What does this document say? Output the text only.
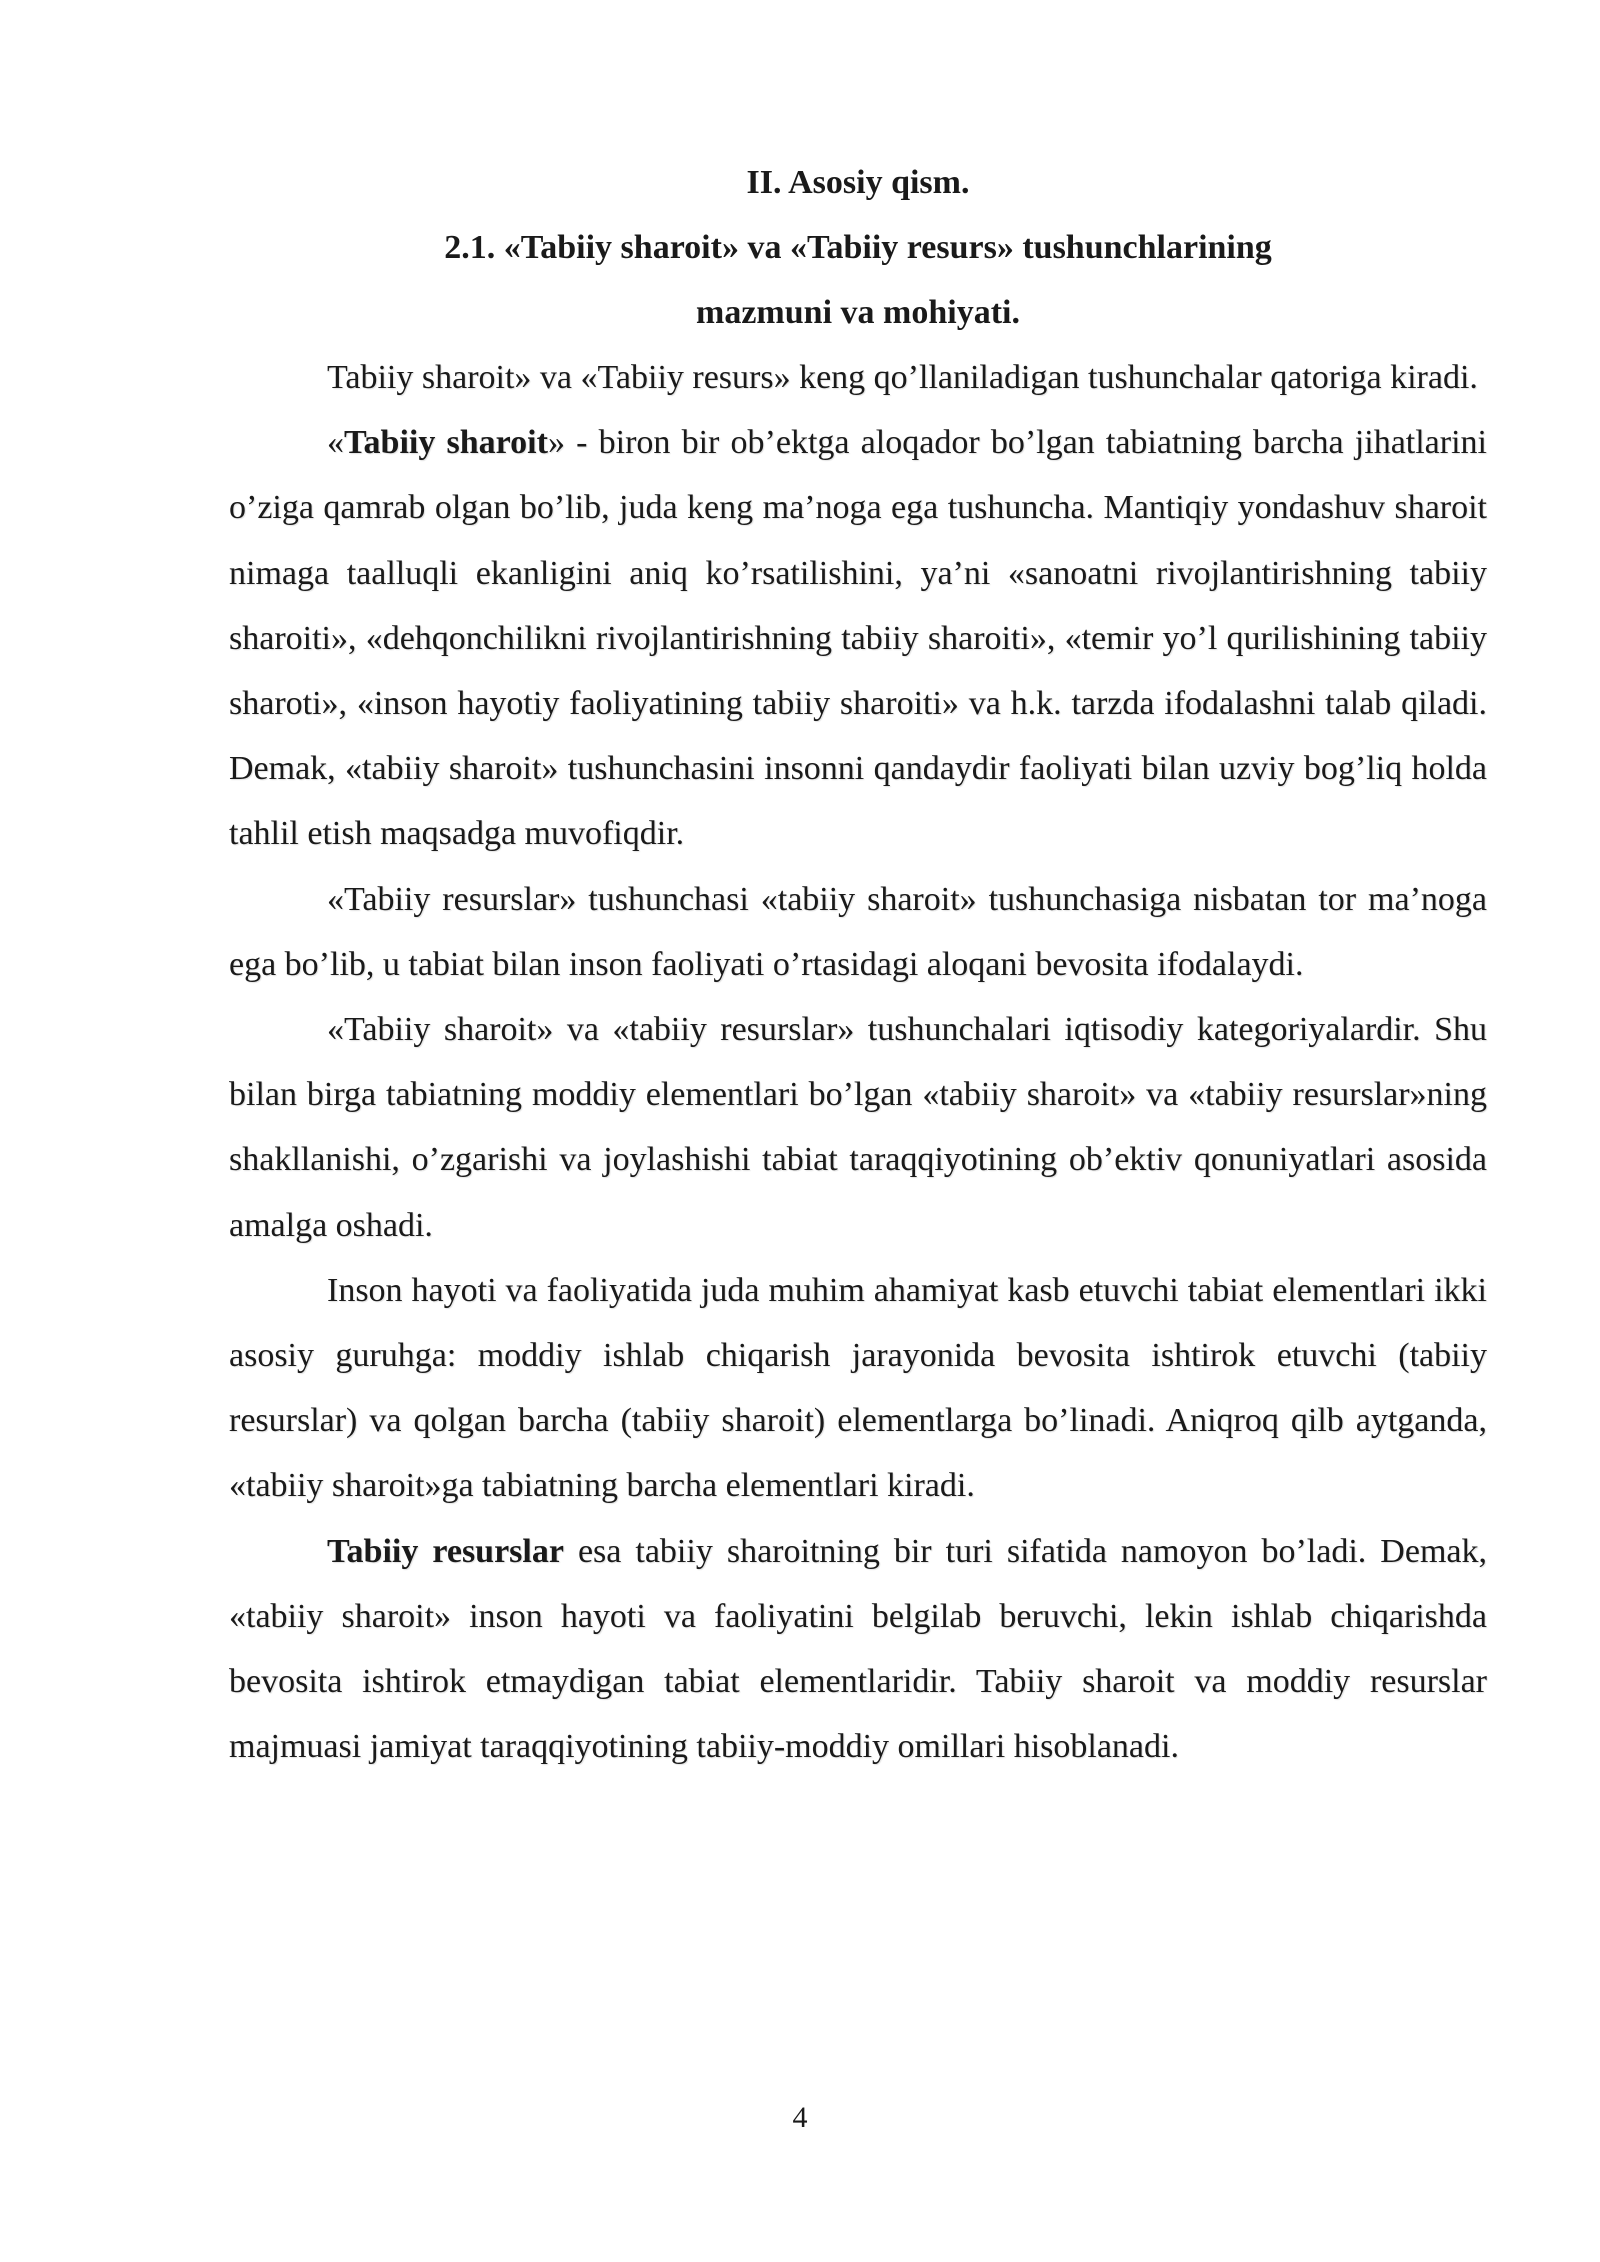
II. Asosiy qism.

2.1. «Tabiiy sharoit» va «Tabiiy resurs» tushunchlarining

mazmuni va mohiyati.

Tabiiy sharoit» va «Tabiiy resurs» keng qo’llaniladigan tushunchalar qatoriga kiradi.

«Tabiiy sharoit» - biron bir ob’ektga aloqador bo’lgan tabiatning barcha jihatlarini o’ziga qamrab olgan bo’lib, juda keng ma’noga ega tushuncha. Mantiqiy yondashuv sharoit nimaga taalluqli ekanligini aniq ko’rsatilishini, ya’ni «sanoatni rivojlantirishning tabiiy sharoiti», «dehqonchilikni rivojlantirishning tabiiy sharoiti», «temir yo’l qurilishining tabiiy sharoti», «inson hayotiy faoliyatining tabiiy sharoiti» va h.k. tarzda ifodalashni talab qiladi. Demak, «tabiiy sharoit» tushunchasini insonni qandaydir faoliyati bilan uzviy bog’liq holda tahlil etish maqsadga muvofiqdir.

«Tabiiy resurslar» tushunchasi «tabiiy sharoit» tushunchasiga nisbatan tor ma’noga ega bo’lib, u tabiat bilan inson faoliyati o’rtasidagi aloqani bevosita ifodalaydi.

«Tabiiy sharoit» va «tabiiy resurslar» tushunchalari iqtisodiy kategoriyalardir. Shu bilan birga tabiatning moddiy elementlari bo’lgan «tabiiy sharoit» va «tabiiy resurslar»ning shakllanishi, o’zgarishi va joylashishi tabiat taraqqiyotining ob’ektiv qonuniyatlari asosida amalga oshadi.

Inson hayoti va faoliyatida juda muhim ahamiyat kasb etuvchi tabiat elementlari ikki asosiy guruhga: moddiy ishlab chiqarish jarayonida bevosita ishtirok etuvchi (tabiiy resurslar) va qolgan barcha (tabiiy sharoit) elementlarga bo’linadi. Aniqroq qilb aytganda, «tabiiy sharoit»ga tabiatning barcha elementlari kiradi.

Tabiiy resurslar esa tabiiy sharoitning bir turi sifatida namoyon bo’ladi. Demak, «tabiiy sharoit» inson hayoti va faoliyatini belgilab beruvchi, lekin ishlab chiqarishda bevosita ishtirok etmaydigan tabiat elementlaridir. Tabiiy sharoit va moddiy resurslar majmuasi jamiyat taraqqiyotining tabiiy-moddiy omillari hisoblanadi.

4
